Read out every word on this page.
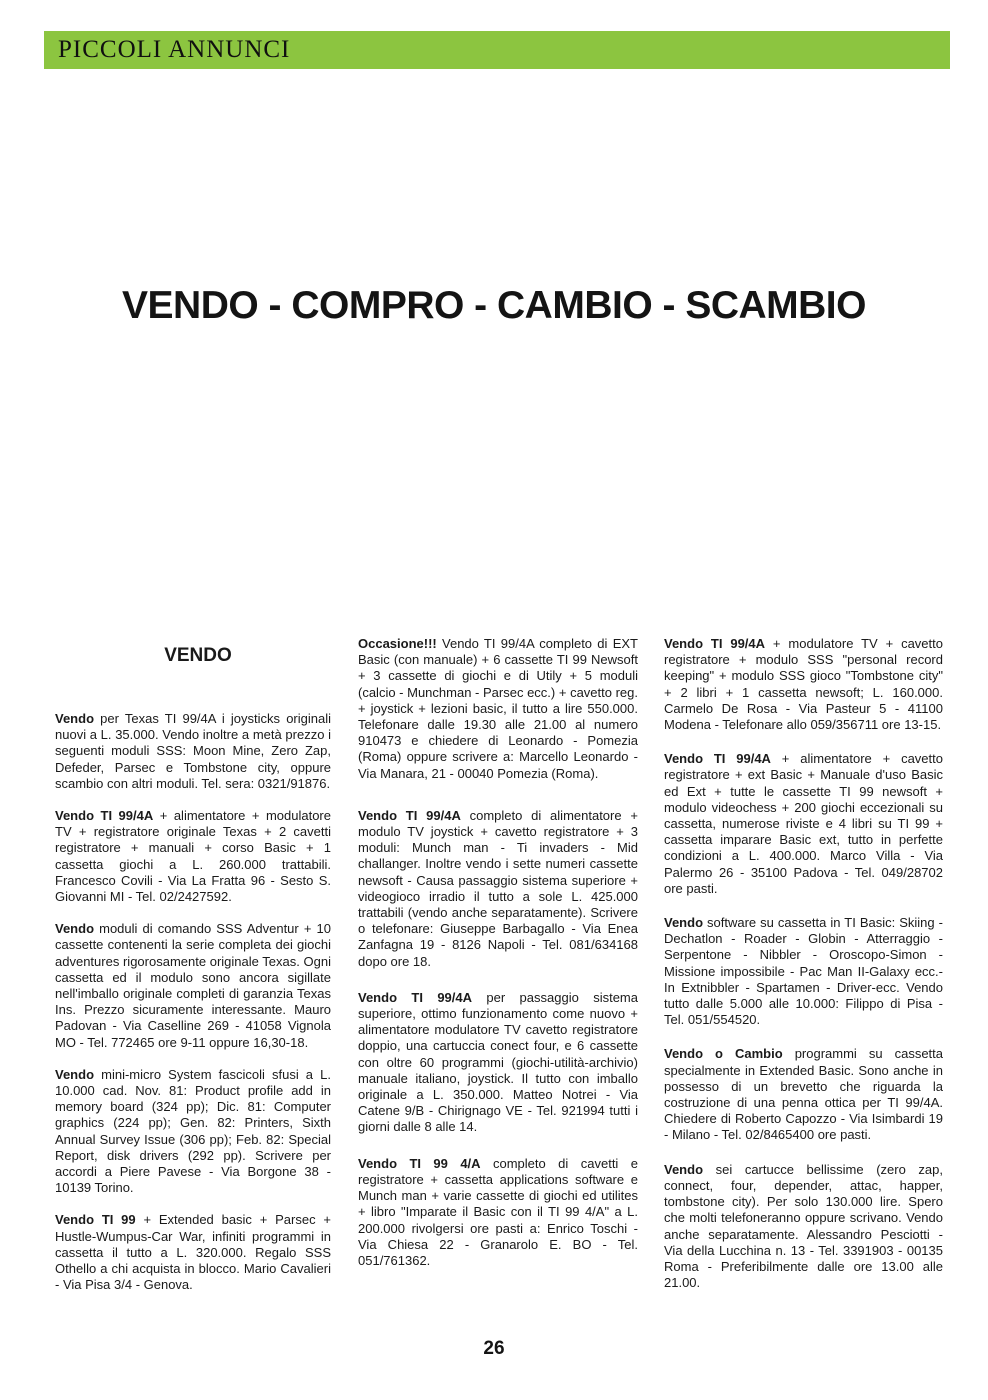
PICCOLI ANNUNCI
VENDO - COMPRO - CAMBIO - SCAMBIO
VENDO

Vendo per Texas TI 99/4A i joysticks originali nuovi a L. 35.000. Vendo inoltre a metà prezzo i seguenti moduli SSS: Moon Mine, Zero Zap, Defeder, Parsec e Tombstone city, oppure scambio con altri moduli. Tel. sera: 0321/91876.

Vendo TI 99/4A + alimentatore + modulatore TV + registratore originale Texas + 2 cavetti registratore + manuali + corso Basic + 1 cassetta giochi a L. 260.000 trattabili. Francesco Covili - Via La Fratta 96 - Sesto S. Giovanni MI - Tel. 02/2427592.

Vendo moduli di comando SSS Adventur + 10 cassette contenenti la serie completa dei giochi adventures rigorosamente originale Texas. Ogni cassetta ed il modulo sono ancora sigillate nell'imballo originale completi di garanzia Texas Ins. Prezzo sicuramente interessante. Mauro Padovan - Via Caselline 269 - 41058 Vignola MO - Tel. 772465 ore 9-11 oppure 16,30-18.

Vendo mini-micro System fascicoli sfusi a L. 10.000 cad. Nov. 81: Product profile add in memory board (324 pp); Dic. 81: Computer graphics (224 pp); Gen. 82: Printers, Sixth Annual Survey Issue (306 pp); Feb. 82: Special Report, disk drivers (292 pp). Scrivere per accordi a Piere Pavese - Via Borgone 38 - 10139 Torino.

Vendo TI 99 + Extended basic + Parsec + Hustle-Wumpus-Car War, infiniti programmi in cassetta il tutto a L. 320.000. Regalo SSS Othello a chi acquista in blocco. Mario Cavalieri - Via Pisa 3/4 - Genova.

Occasione!!! Vendo TI 99/4A completo di EXT Basic (con manuale) + 6 cassette TI 99 Newsoft + 3 cassette di giochi e di Utily + 5 moduli (calcio - Munchman - Parsec ecc.) + cavetto reg. + joystick + lezioni basic, il tutto a lire 550.000. Telefonare dalle 19.30 alle 21.00 al numero 910473 e chiedere di Leonardo - Pomezia (Roma) oppure scrivere a: Marcello Leonardo - Via Manara, 21 - 00040 Pomezia (Roma).

Vendo TI 99/4A completo di alimentatore + modulo TV joystick + cavetto registratore + 3 moduli: Munch man - Ti invaders - Mid challanger. Inoltre vendo i sette numeri cassette newsoft - Causa passaggio sistema superiore + videogioco irradio il tutto a sole L. 425.000 trattabili (vendo anche separatamente). Scrivere o telefonare: Giuseppe Barbagallo - Via Enea Zanfagna 19 - 8126 Napoli - Tel. 081/634168 dopo ore 18.

Vendo TI 99/4A per passaggio sistema superiore, ottimo funzionamento come nuovo + alimentatore modulatore TV cavetto registratore doppio, una cartuccia conect four, e 6 cassette con oltre 60 programmi (giochi-utilità-archivio) manuale italiano, joystick. Il tutto con imballo originale a L. 350.000. Matteo Notrei - Via Catene 9/B - Chirignago VE - Tel. 921994 tutti i giorni dalle 8 alle 14.

Vendo TI 99 4/A completo di cavetti e registratore + cassetta applications software e Munch man + varie cassette di giochi ed utilites + libro "Imparate il Basic con il TI 99 4/A" a L. 200.000 rivolgersi ore pasti a: Enrico Toschi - Via Chiesa 22 - Granarolo E. BO - Tel. 051/761362.

Vendo TI 99/4A + modulatore TV + cavetto registratore + modulo SSS "personal record keeping" + modulo SSS gioco "Tombstone city" + 2 libri + 1 cassetta newsoft; L. 160.000. Carmelo De Rosa - Via Pasteur 5 - 41100 Modena - Telefonare allo 059/356711 ore 13-15.

Vendo TI 99/4A + alimentatore + cavetto registratore + ext Basic + Manuale d'uso Basic ed Ext + tutte le cassette TI 99 newsoft + modulo videochess + 200 giochi eccezionali su cassetta, numerose riviste e 4 libri su TI 99 + cassetta imparare Basic ext, tutto in perfette condizioni a L. 400.000. Marco Villa - Via Palermo 26 - 35100 Padova - Tel. 049/28702 ore pasti.

Vendo software su cassetta in TI Basic: Skiing - Dechatlon - Roader - Globin - Atterraggio - Serpentone - Nibbler - Oroscopo-Simon - Missione impossibile - Pac Man II-Galaxy ecc.-In Extnibbler - Spartamen - Driver-ecc. Vendo tutto dalle 5.000 alle 10.000: Filippo di Pisa - Tel. 051/554520.

Vendo o Cambio programmi su cassetta specialmente in Extended Basic. Sono anche in possesso di un brevetto che riguarda la costruzione di una penna ottica per TI 99/4A. Chiedere di Roberto Capozzo - Via Isimbardi 19 - Milano - Tel. 02/8465400 ore pasti.

Vendo sei cartucce bellissime (zero zap, connect, four, depender, attac, happer, tombstone city). Per solo 130.000 lire. Spero che molti telefoneranno oppure scrivano. Vendo anche separatamente. Alessandro Pesciotti - Via della Lucchina n. 13 - Tel. 3391903 - 00135 Roma - Preferibilmente dalle ore 13.00 alle 21.00.

26
